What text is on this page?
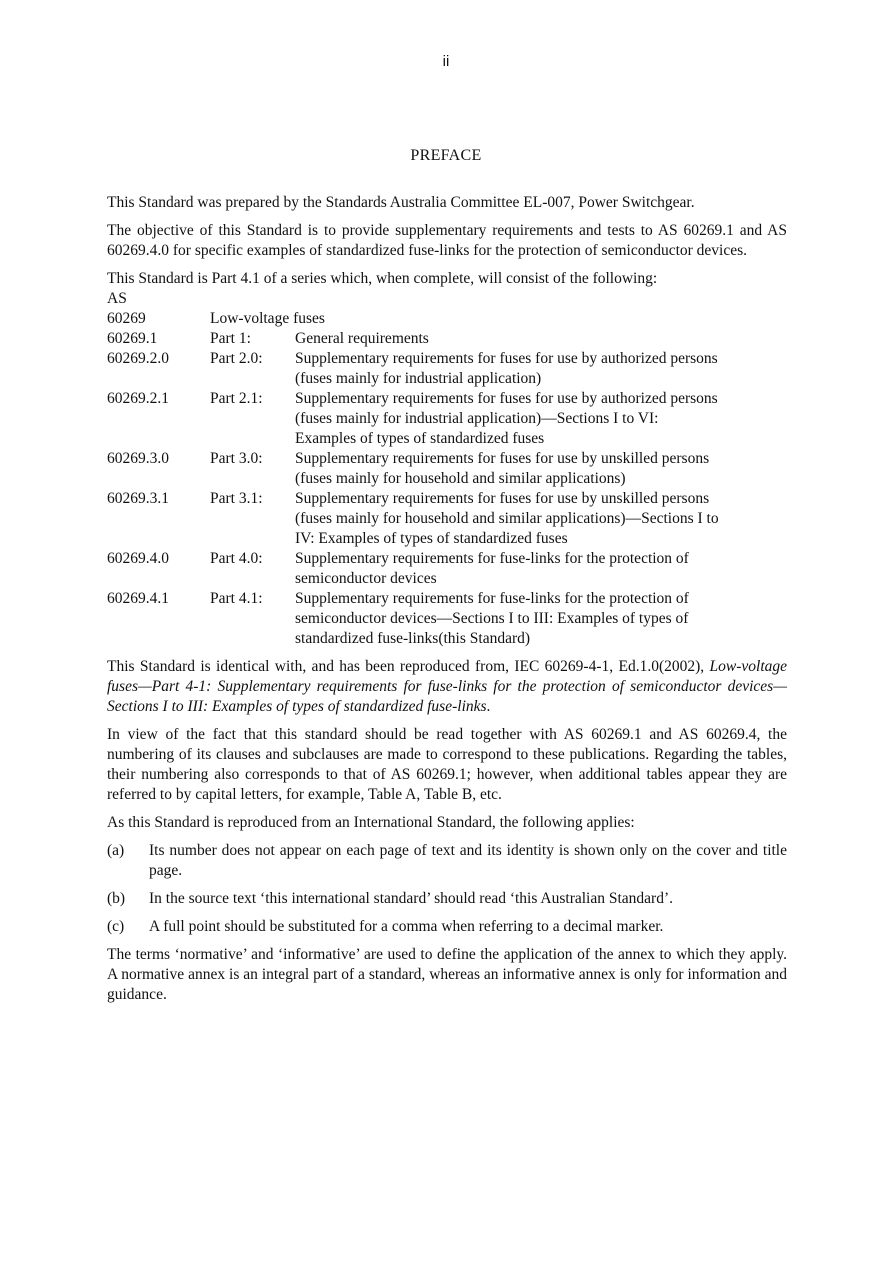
ii
PREFACE

This Standard was prepared by the Standards Australia Committee EL-007, Power Switchgear.

The objective of this Standard is to provide supplementary requirements and tests to AS 60269.1 and AS 60269.4.0 for specific examples of standardized fuse-links for the protection of semiconductor devices.

This Standard is Part 4.1 of a series which, when complete, will consist of the following:

AS
60269	Low-voltage fuses
60269.1	Part 1:	General requirements
60269.2.0	Part 2.0:	Supplementary requirements for fuses for use by authorized persons
(fuses mainly for industrial application)
60269.2.1	Part 2.1:	Supplementary requirements for fuses for use by authorized persons
(fuses mainly for industrial application)—Sections I to VI:
Examples of types of standardized fuses
60269.3.0	Part 3.0:	Supplementary requirements for fuses for use by unskilled persons
(fuses mainly for household and similar applications)
60269.3.1	Part 3.1:	Supplementary requirements for fuses for use by unskilled persons
(fuses mainly for household and similar applications)—Sections I to
IV: Examples of types of standardized fuses
60269.4.0	Part 4.0:	Supplementary requirements for fuse-links for the protection of
semiconductor devices
60269.4.1	Part 4.1:	Supplementary requirements for fuse-links for the protection of
semiconductor devices—Sections I to III: Examples of types of
standardized fuse-links(this Standard)

This Standard is identical with, and has been reproduced from, IEC 60269-4-1, Ed.1.0(2002), Low-voltage fuses—Part 4-1: Supplementary requirements for fuse-links for the protection of semiconductor devices—Sections I to III: Examples of types of standardized fuse-links.

In view of the fact that this standard should be read together with AS 60269.1 and AS 60269.4, the numbering of its clauses and subclauses are made to correspond to these publications. Regarding the tables, their numbering also corresponds to that of AS 60269.1; however, when additional tables appear they are referred to by capital letters, for example, Table A, Table B, etc.

As this Standard is reproduced from an International Standard, the following applies:

(a)	Its number does not appear on each page of text and its identity is shown only on the cover and title page.
(b)	In the source text ‘this international standard’ should read ‘this Australian Standard’.
(c)	A full point should be substituted for a comma when referring to a decimal marker.

The terms ‘normative’ and ‘informative’ are used to define the application of the annex to which they apply. A normative annex is an integral part of a standard, whereas an informative annex is only for information and guidance.
